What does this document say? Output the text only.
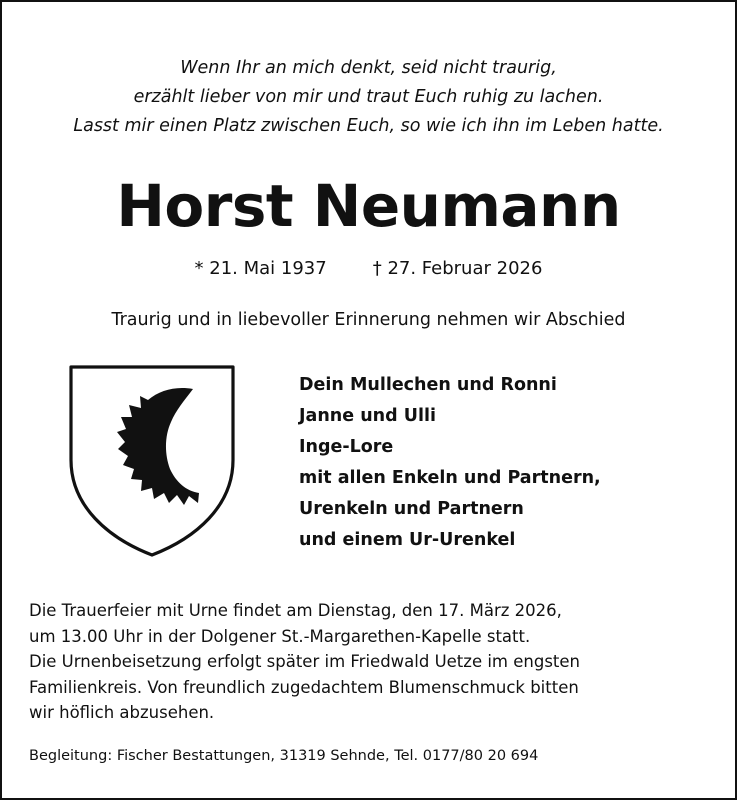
Wenn Ihr an mich denkt, seid nicht traurig,
erzählt lieber von mir und traut Euch ruhig zu lachen.
Lasst mir einen Platz zwischen Euch, so wie ich ihn im Leben hatte.
Horst Neumann
* 21. Mai 1937	† 27. Februar 2026
Traurig und in liebevoller Erinnerung nehmen wir Abschied
Dein Mullechen und Ronni
Janne und Ulli
Inge-Lore
mit allen Enkeln und Partnern,
Urenkeln und Partnern
und einem Ur-Urenkel
Die Trauerfeier mit Urne findet am Dienstag, den 17. März 2026,
um 13.00 Uhr in der Dolgener St.-Margarethen-Kapelle statt.
Die Urnenbeisetzung erfolgt später im Friedwald Uetze im engsten
Familienkreis. Von freundlich zugedachtem Blumenschmuck bitten
wir höflich abzusehen.
Begleitung: Fischer Bestattungen, 31319 Sehnde, Tel. 0177/80 20 694
